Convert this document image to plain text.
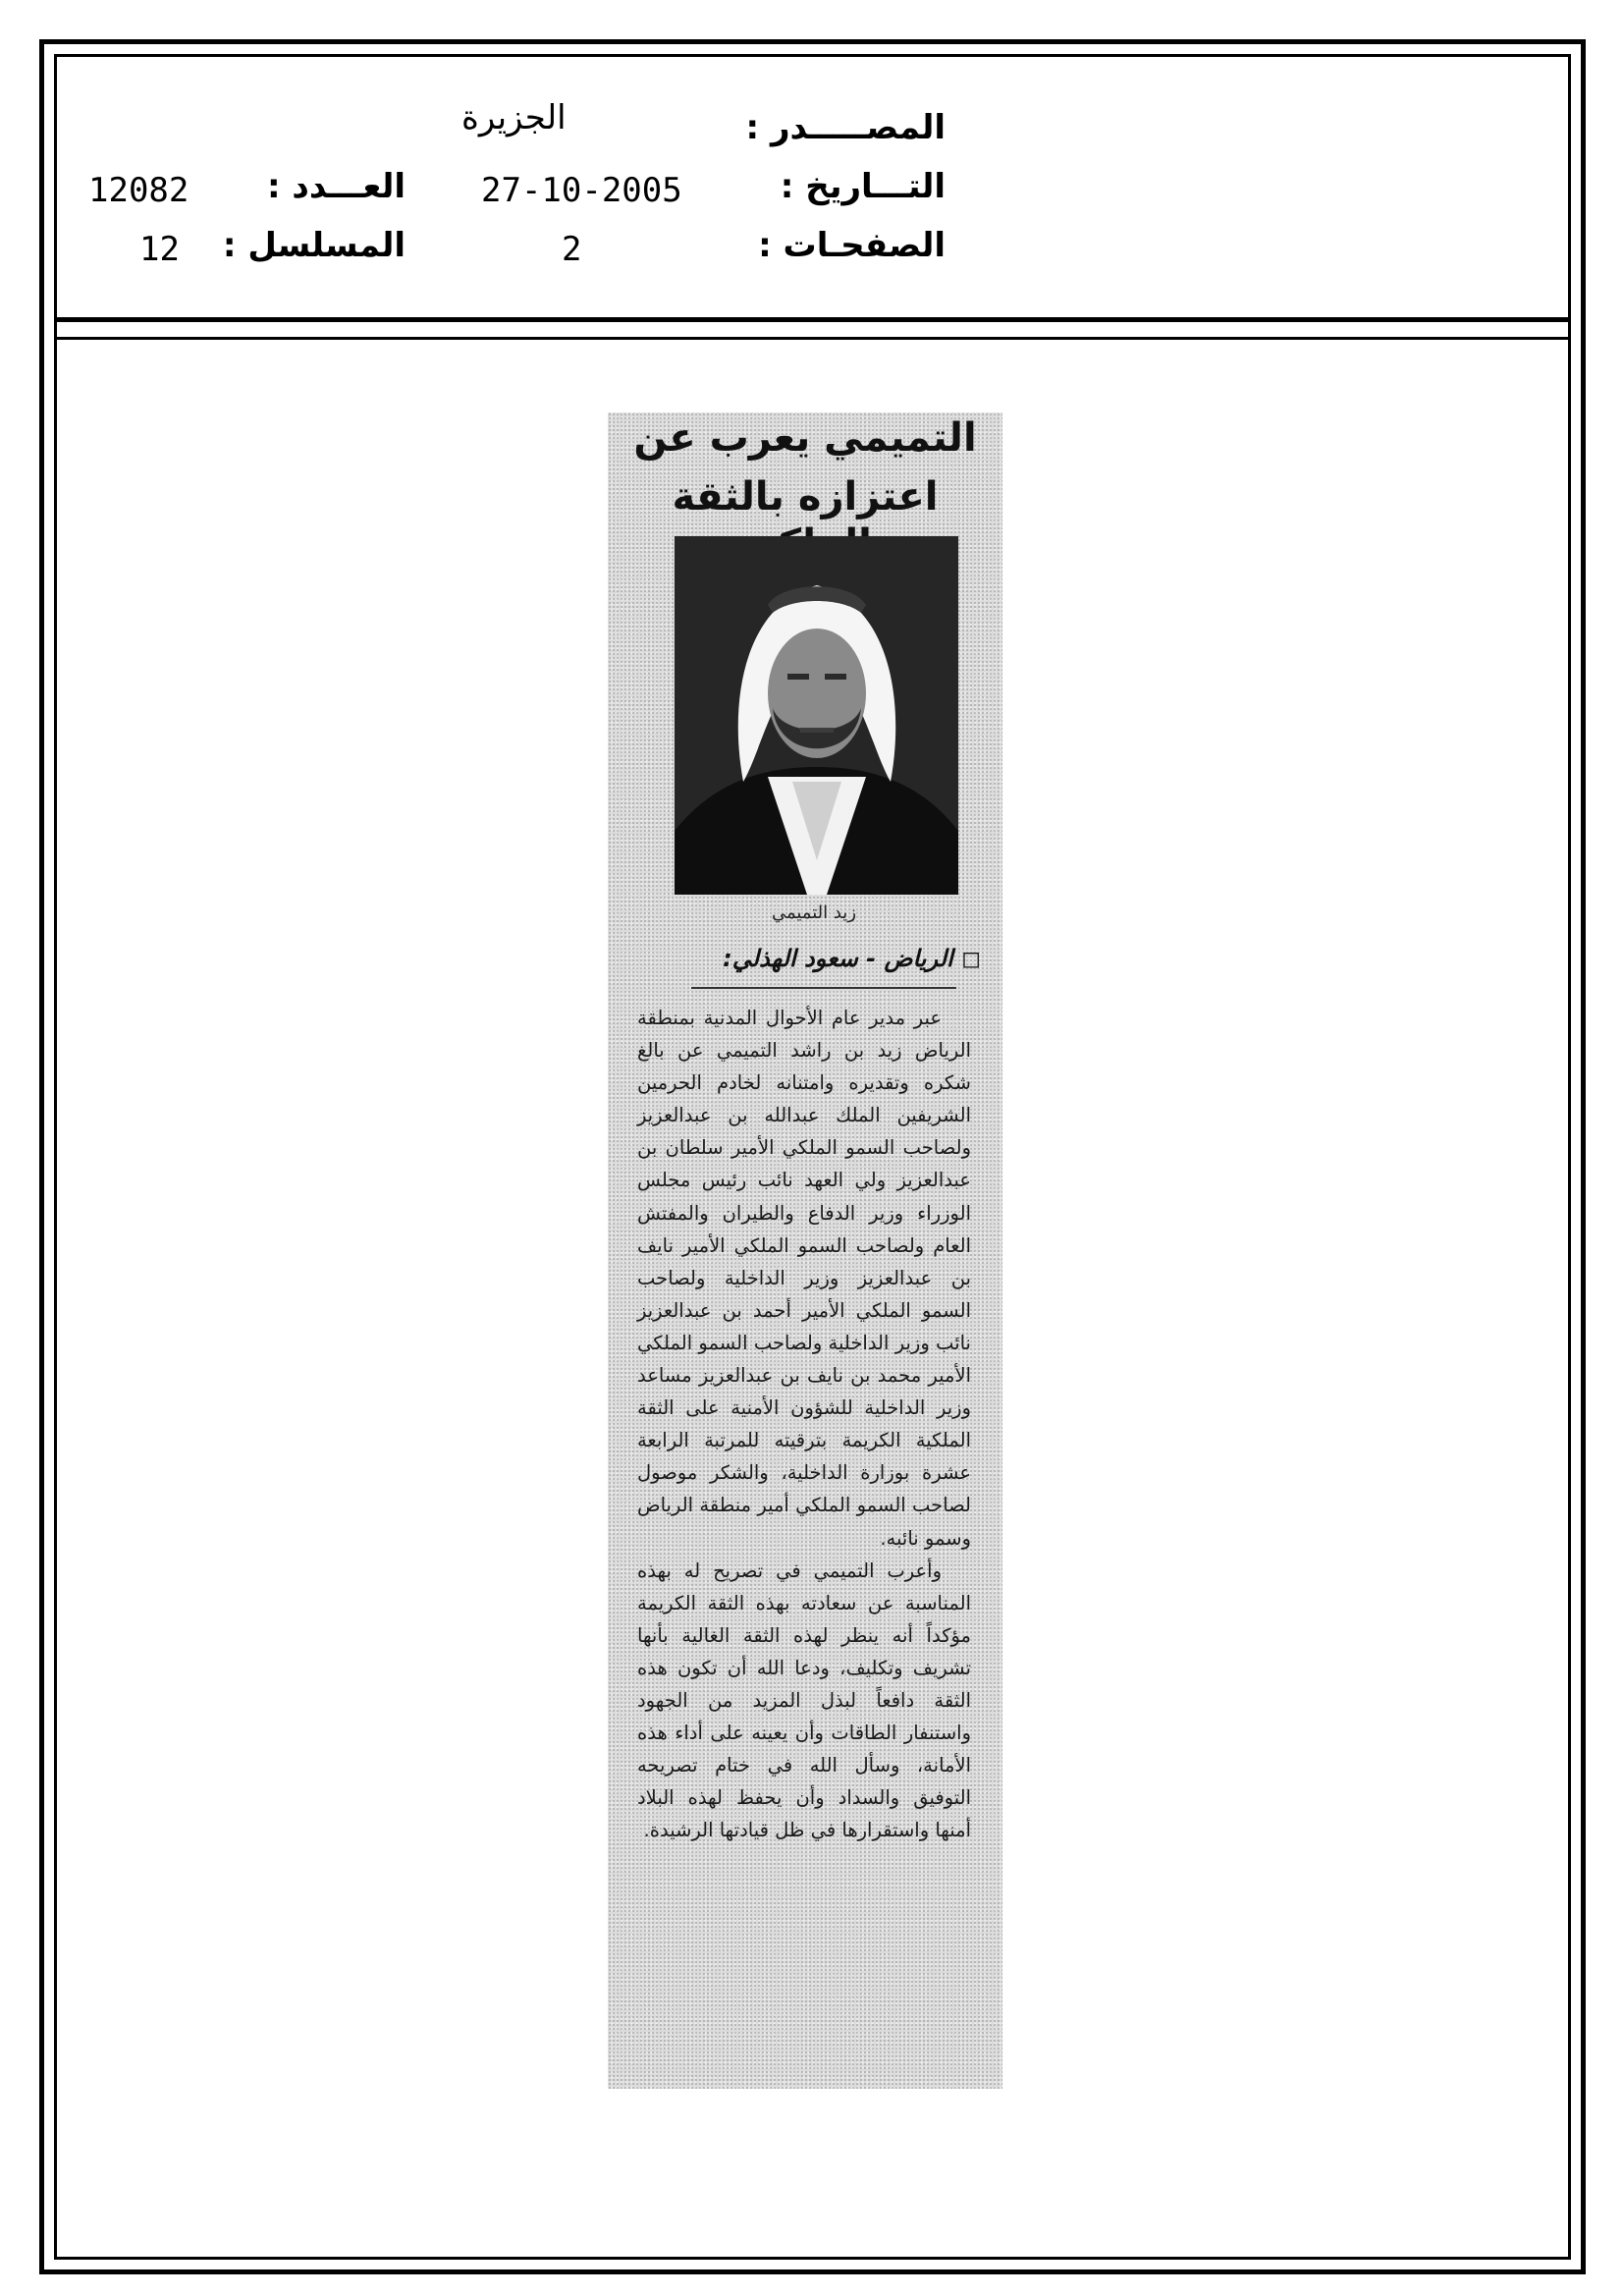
المصـــــدر :
الجزيرة
التـــاريخ :
27-10-2005
الصفحـات :
2
العـــدد :
12082
المسلسل :
12
التميمي يعرب عن
اعتزازه بالثقة
زيد التميمي
◻ الرياض - سعود الهذلي:

عبر مدير عام الأحوال المدنية بمنطقة الرياض زيد بن راشد التميمي عن بالغ شكره وتقديره وامتنانه لخادم الحرمين الشريفين الملك عبدالله بن عبدالعزيز ولصاحب السمو الملكي الأمير سلطان بن عبدالعزيز ولي العهد نائب رئيس مجلس الوزراء وزير الدفاع والطيران والمفتش العام ولصاحب السمو الملكي الأمير نايف بن عبدالعزيز وزير الداخلية ولصاحب السمو الملكي الأمير أحمد بن عبدالعزيز نائب وزير الداخلية ولصاحب السمو الملكي الأمير محمد بن نايف بن عبدالعزيز مساعد وزير الداخلية للشؤون الأمنية على الثقة الملكية الكريمة بترقيته للمرتبة الرابعة عشرة بوزارة الداخلية، والشكر موصول لصاحب السمو الملكي أمير منطقة الرياض وسمو نائبه.

وأعرب التميمي في تصريح له بهذه المناسبة عن سعادته بهذه الثقة الكريمة مؤكداً أنه ينظر لهذه الثقة الغالية بأنها تشريف وتكليف، ودعا الله أن تكون هذه الثقة دافعاً لبذل المزيد من الجهود واستنفار الطاقات وأن يعينه على أداء هذه الأمانة، وسأل الله في ختام تصريحه التوفيق والسداد وأن يحفظ لهذه البلاد أمنها واستقرارها في ظل قيادتها الرشيدة.
